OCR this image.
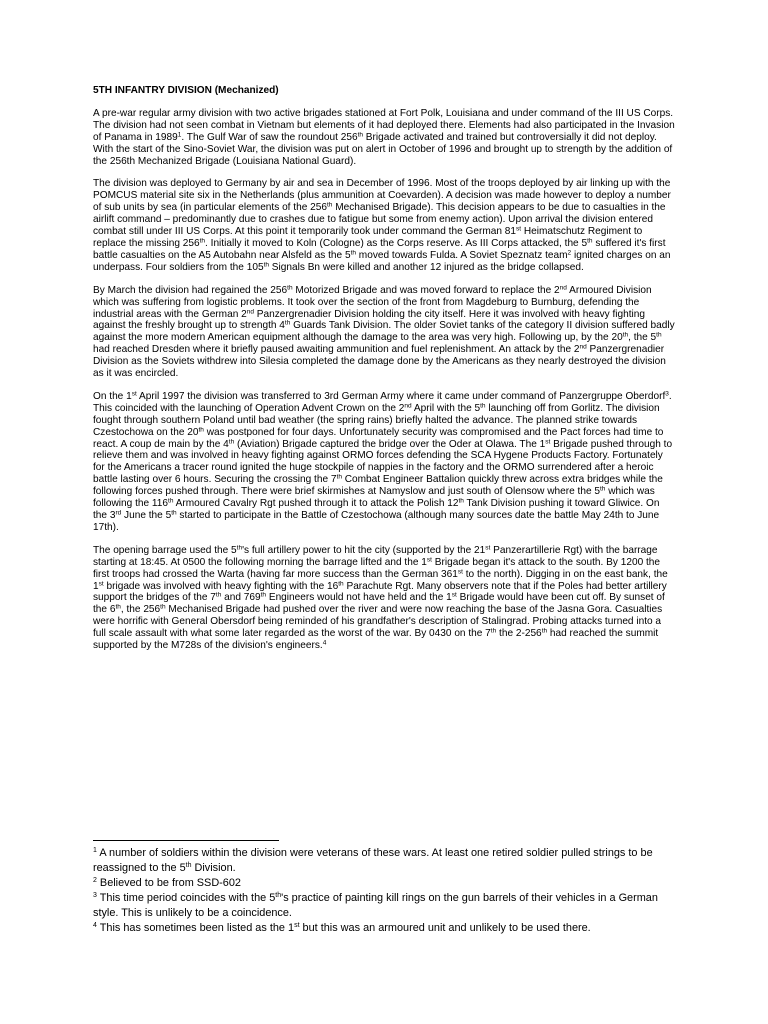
5TH INFANTRY DIVISION (Mechanized)
A pre-war regular army division with two active brigades stationed at Fort Polk, Louisiana and under command of the III US Corps. The division had not seen combat in Vietnam but elements of it had deployed there. Elements had also participated in the Invasion of Panama in 1989$^1$. The Gulf War of saw the roundout 256th Brigade activated and trained but controversially it did not deploy. With the start of the Sino-Soviet War, the division was put on alert in October of 1996 and brought up to strength by the addition of the 256th Mechanized Brigade (Louisiana National Guard).
The division was deployed to Germany by air and sea in December of 1996. Most of the troops deployed by air linking up with the POMCUS material site six in the Netherlands (plus ammunition at Coevarden). A decision was made however to deploy a number of sub units by sea (in particular elements of the 256th Mechanised Brigade). This decision appears to be due to casualties in the airlift command – predominantly due to crashes due to fatigue but some from enemy action). Upon arrival the division entered combat still under III US Corps. At this point it temporarily took under command the German 81st Heimatschutz Regiment to replace the missing 256th. Initially it moved to Koln (Cologne) as the Corps reserve. As III Corps attacked, the 5th suffered it's first battle casualties on the A5 Autobahn near Alsfeld as the 5th moved towards Fulda. A Soviet Speznatz team$^2$ ignited charges on an underpass. Four soldiers from the 105th Signals Bn were killed and another 12 injured as the bridge collapsed.
By March the division had regained the 256th Motorized Brigade and was moved forward to replace the 2nd Armoured Division which was suffering from logistic problems. It took over the section of the front from Magdeburg to Burnburg, defending the industrial areas with the German 2nd Panzergrenadier Division holding the city itself. Here it was involved with heavy fighting against the freshly brought up to strength 4th Guards Tank Division. The older Soviet tanks of the category II division suffered badly against the more modern American equipment although the damage to the area was very high. Following up, by the 20th, the 5th had reached Dresden where it briefly paused awaiting ammunition and fuel replenishment. An attack by the 2nd Panzergrenadier Division as the Soviets withdrew into Silesia completed the damage done by the Americans as they nearly destroyed the division as it was encircled.
On the 1st April 1997 the division was transferred to 3rd German Army where it came under command of Panzergruppe Oberdorf$^3$. This coincided with the launching of Operation Advent Crown on the 2nd April with the 5th launching off from Gorlitz. The division fought through southern Poland until bad weather (the spring rains) briefly halted the advance. The planned strike towards Czestochowa on the 20th was postponed for four days. Unfortunately security was compromised and the Pact forces had time to react. A coup de main by the 4th (Aviation) Brigade captured the bridge over the Oder at Olawa. The 1st Brigade pushed through to relieve them and was involved in heavy fighting against ORMO forces defending the SCA Hygene Products Factory. Fortunately for the Americans a tracer round ignited the huge stockpile of nappies in the factory and the ORMO surrendered after a heroic battle lasting over 6 hours. Securing the crossing the 7th Combat Engineer Battalion quickly threw across extra bridges while the following forces pushed through. There were brief skirmishes at Namyslow and just south of Olensow where the 5th which was following the 116th Armoured Cavalry Rgt pushed through it to attack the Polish 12th Tank Division pushing it toward Gliwice. On the 3rd June the 5th started to participate in the Battle of Czestochowa (although many sources date the battle May 24th to June 17th).
The opening barrage used the 5th's full artillery power to hit the city (supported by the 21st Panzerartillerie Rgt) with the barrage starting at 18:45. At 0500 the following morning the barrage lifted and the 1st Brigade began it's attack to the south. By 1200 the first troops had crossed the Warta (having far more success than the German 361st to the north). Digging in on the east bank, the 1st brigade was involved with heavy fighting with the 16th Parachute Rgt. Many observers note that if the Poles had better artillery support the bridges of the 7th and 769th Engineers would not have held and the 1st Brigade would have been cut off. By sunset of the 6th, the 256th Mechanised Brigade had pushed over the river and were now reaching the base of the Jasna Gora. Casualties were horrific with General Obersdorf being reminded of his grandfather's description of Stalingrad. Probing attacks turned into a full scale assault with what some later regarded as the worst of the war. By 0430 on the 7th the 2-256th had reached the summit supported by the M728s of the division's engineers.$^4$

$^1$ A number of soldiers within the division were veterans of these wars. At least one retired soldier pulled strings to be reassigned to the 5th Division.

$^2$ Believed to be from SSD-602

$^3$ This time period coincides with the 5th's practice of painting kill rings on the gun barrels of their vehicles in a German style. This is unlikely to be a coincidence.

$^4$ This has sometimes been listed as the 1st but this was an armoured unit and unlikely to be used there.
